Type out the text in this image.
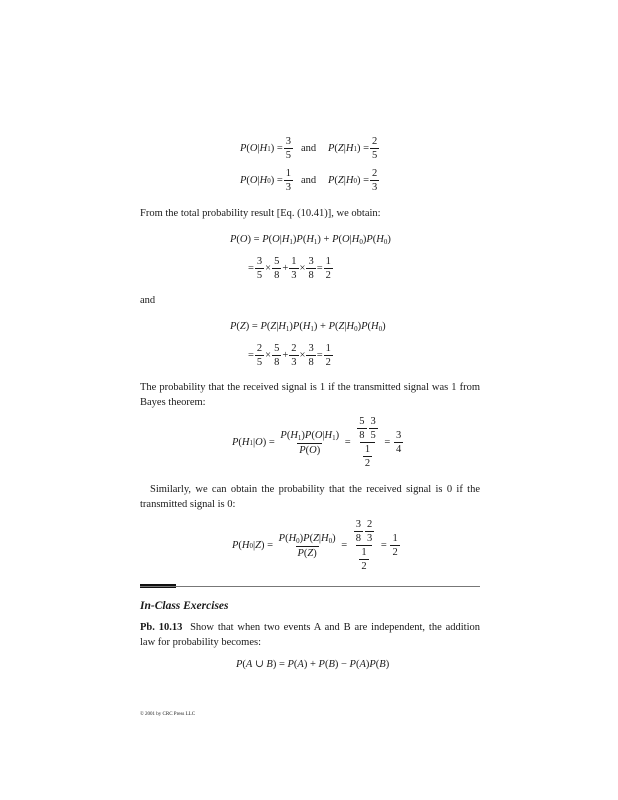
P ( O | H 1 ) = $\frac{3}{5}$ and P ( Z | H 1 ) = $\frac{2}{5}$
P ( O | H 0 ) = $\frac{1}{3}$ and P ( Z | H 0 ) = $\frac{2}{3}$
From the total probability result [Eq. (10.41)], we obtain:
$P(O) = P(O|H_1)P(H_1) + P(O|H_0)P(H_0)$
= $\frac{3}{5} \times \frac{5}{8} + \frac{1}{3} \times \frac{3}{8} = \frac{1}{2}$
and
$P(Z) = P(Z|H_1)P(H_1) + P(Z|H_0)P(H_0)$
= $\frac{2}{5} \times \frac{5}{8} + \frac{2}{3} \times \frac{3}{8} = \frac{1}{2}$
The probability that the received signal is 1 if the transmitted signal was 1 from Bayes theorem:
P ( H 1 | O ) = $\frac{P(H_1)P(O|H_1)}{P(O)} = \frac{\frac{5}{8} \frac{3}{5}}{\frac{1}{2}} = \frac{3}{4}$
Similarly, we can obtain the probability that the received signal is 0 if the transmitted signal is 0:
P ( H 0 | Z ) = $\frac{P(H_0)P(Z|H_0)}{P(Z)} = \frac{\frac{3}{8} \frac{2}{3}}{\frac{1}{2}} = \frac{1}{2}$
In-Class Exercises
Pb. 10.13 Show that when two events A and B are independent, the addition law for probability becomes:
P(A ∪ B) = P(A) + P(B) − P(A)P(B)
© 2001 by CRC Press LLC
